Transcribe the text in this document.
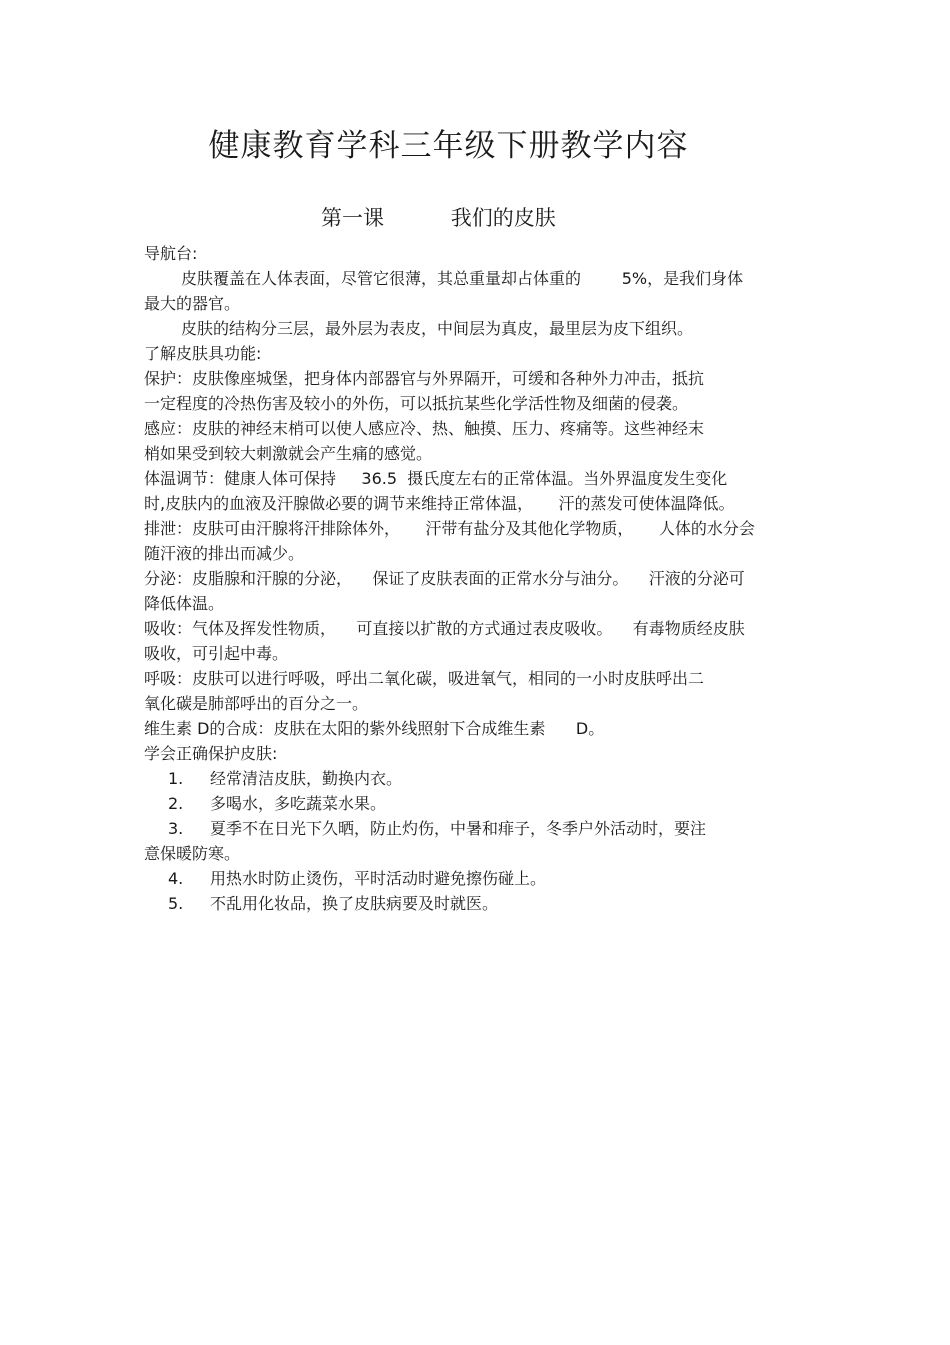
健康教育学科三年级下册教学内容
第一课          我们的皮肤
导航台:
皮肤覆盖在人体表面，尽管它很薄，其总重量却占体重的        5%，是我们身体
最大的器官。
皮肤的结构分三层，最外层为表皮，中间层为真皮，最里层为皮下组织。
了解皮肤具功能:
保护：皮肤像座城堡，把身体内部器官与外界隔开，可缓和各种外力冲击，抵抗
一定程度的冷热伤害及较小的外伤，可以抵抗某些化学活性物及细菌的侵袭。
感应：皮肤的神经末梢可以使人感应冷、热、触摸、压力、疼痛等。这些神经末
梢如果受到较大刺激就会产生痛的感觉。
体温调节：健康人体可保持     36.5  摄氏度左右的正常体温。当外界温度发生变化
时,皮肤内的血液及汗腺做必要的调节来维持正常体温，     汗的蒸发可使体温降低。
排泄：皮肤可由汗腺将汗排除体外，     汗带有盐分及其他化学物质，     人体的水分会
随汗液的排出而减少。
分泌：皮脂腺和汗腺的分泌，    保证了皮肤表面的正常水分与油分。    汗液的分泌可
降低体温。
吸收：气体及挥发性物质，    可直接以扩散的方式通过表皮吸收。    有毒物质经皮肤
吸收，可引起中毒。
呼吸：皮肤可以进行呼吸，呼出二氧化碳，吸进氧气，相同的一小时皮肤呼出二
氧化碳是肺部呼出的百分之一。
维生素 D的合成：皮肤在太阳的紫外线照射下合成维生素      D。
学会正确保护皮肤:
1. 经常清洁皮肤，勤换内衣。
2. 多喝水，多吃蔬菜水果。
3. 夏季不在日光下久晒，防止灼伤，中暑和痱子，冬季户外活动时，要注
意保暖防寒。
4. 用热水时防止烫伤，平时活动时避免擦伤碰上。
5. 不乱用化妆品，换了皮肤病要及时就医。
